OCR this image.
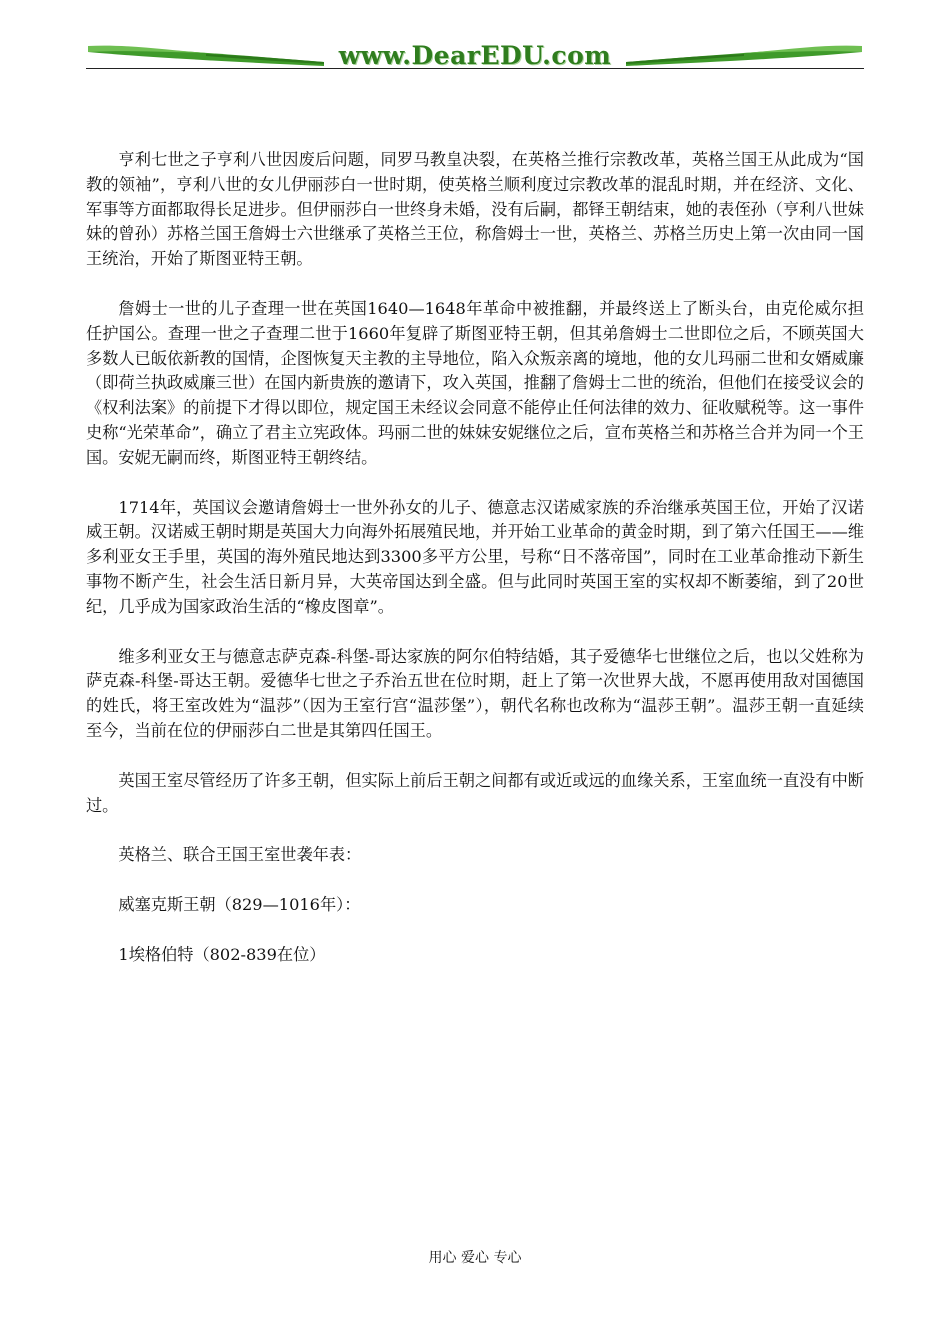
www.DearEDU.com

亨利七世之子亨利八世因废后问题，同罗马教皇决裂，在英格兰推行宗教改革，英格兰国王从此成为“国教的领袖”，亨利八世的女儿伊丽莎白一世时期，使英格兰顺利度过宗教改革的混乱时期，并在经济、文化、军事等方面都取得长足进步。但伊丽莎白一世终身未婚，没有后嗣，都铎王朝结束，她的表侄孙（亨利八世妹妹的曾孙）苏格兰国王詹姆士六世继承了英格兰王位，称詹姆士一世，英格兰、苏格兰历史上第一次由同一国王统治，开始了斯图亚特王朝。

詹姆士一世的儿子查理一世在英国1640—1648年革命中被推翻，并最终送上了断头台，由克伦威尔担任护国公。查理一世之子查理二世于1660年复辟了斯图亚特王朝，但其弟詹姆士二世即位之后，不顾英国大多数人已皈依新教的国情，企图恢复天主教的主导地位，陷入众叛亲离的境地，他的女儿玛丽二世和女婿威廉（即荷兰执政威廉三世）在国内新贵族的邀请下，攻入英国，推翻了詹姆士二世的统治，但他们在接受议会的《权利法案》的前提下才得以即位，规定国王未经议会同意不能停止任何法律的效力、征收赋税等。这一事件史称“光荣革命”，确立了君主立宪政体。玛丽二世的妹妹安妮继位之后，宣布英格兰和苏格兰合并为同一个王国。安妮无嗣而终，斯图亚特王朝终结。

1714年，英国议会邀请詹姆士一世外孙女的儿子、德意志汉诺威家族的乔治继承英国王位，开始了汉诺威王朝。汉诺威王朝时期是英国大力向海外拓展殖民地，并开始工业革命的黄金时期，到了第六任国王——维多利亚女王手里，英国的海外殖民地达到3300多平方公里，号称“日不落帝国”，同时在工业革命推动下新生事物不断产生，社会生活日新月异，大英帝国达到全盛。但与此同时英国王室的实权却不断萎缩，到了20世纪，几乎成为国家政治生活的“橡皮图章”。

维多利亚女王与德意志萨克森-科堡-哥达家族的阿尔伯特结婚，其子爱德华七世继位之后，也以父姓称为萨克森-科堡-哥达王朝。爱德华七世之子乔治五世在位时期，赶上了第一次世界大战，不愿再使用敌对国德国的姓氏，将王室改姓为“温莎”（因为王室行宫“温莎堡”），朝代名称也改称为“温莎王朝”。温莎王朝一直延续至今，当前在位的伊丽莎白二世是其第四任国王。

英国王室尽管经历了许多王朝，但实际上前后王朝之间都有或近或远的血缘关系，王室血统一直没有中断过。

英格兰、联合王国王室世袭年表：

威塞克斯王朝（829—1016年）：

1埃格伯特（802-839在位）

用心 爱心 专心
